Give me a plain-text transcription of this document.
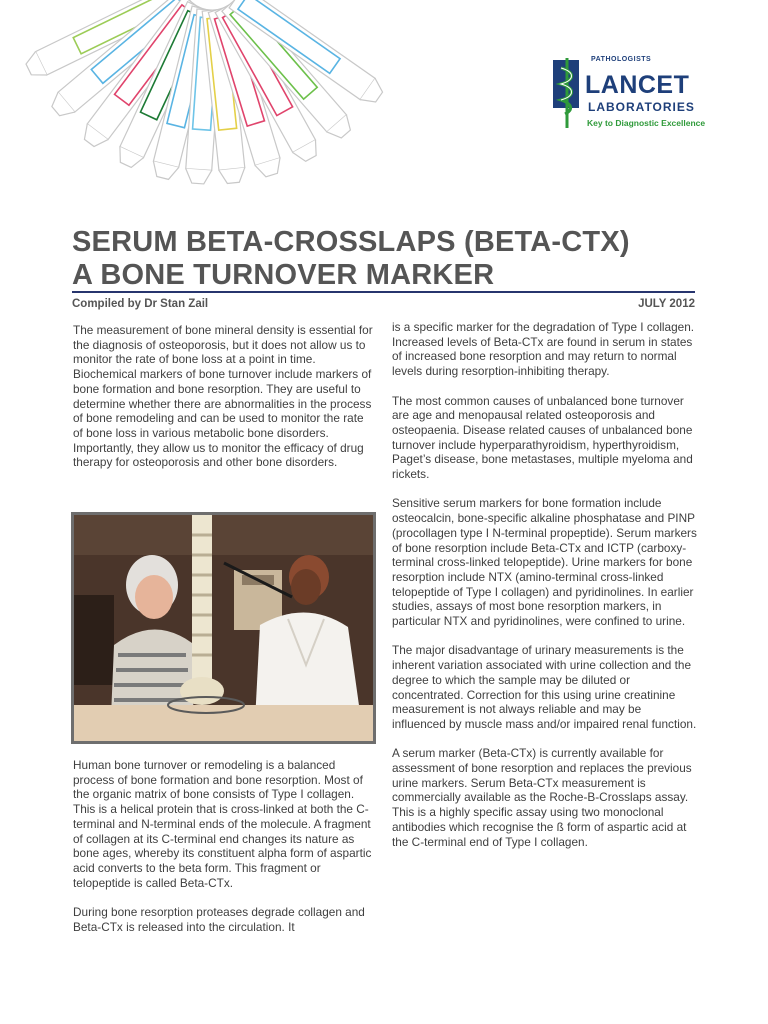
PATHOLOGISTS
LANCET
LABORATORIES
Key to Diagnostic Excellence
SERUM BETA-CROSSLAPS (BETA-CTX)
A BONE TURNOVER MARKER
Compiled by Dr Stan Zail	JULY 2012

The measurement of bone mineral density is essential for the diagnosis of osteoporosis, but it does not allow us to monitor the rate of bone loss at a point in time. Biochemical markers of bone turnover include markers of bone formation and bone resorption. They are useful to determine whether there are abnormalities in the process of bone remodeling and can be used to monitor the rate of bone loss in various metabolic bone disorders. Importantly, they allow us to monitor the efficacy of drug therapy for osteoporosis and other bone disorders.

Human bone turnover or remodeling is a balanced process of bone formation and bone resorption. Most of the organic matrix of bone consists of Type I collagen. This is a helical protein that is cross-linked at both the C-terminal and N-terminal ends of the molecule. A fragment of collagen at its C-terminal end changes its nature as bone ages, whereby its constituent alpha form of aspartic acid converts to the beta form. This fragment or telopeptide is called Beta-CTx.

During bone resorption proteases degrade collagen and Beta-CTx is released into the circulation. It

is a specific marker for the degradation of Type I collagen. Increased levels of Beta-CTx are found in serum in states of increased bone resorption and may return to normal levels during resorption-inhibiting therapy.

The most common causes of unbalanced bone turnover are age and menopausal related osteoporosis and osteopaenia. Disease related causes of unbalanced bone turnover include hyperparathyroidism, hyperthyroidism, Paget’s disease, bone metastases, multiple myeloma and rickets.

Sensitive serum markers for bone formation include osteocalcin, bone-specific alkaline phosphatase and PINP (procollagen type I N-terminal propeptide). Serum markers of bone resorption include Beta-CTx and ICTP (carboxy-terminal cross-linked telopeptide). Urine markers for bone resorption include NTX (amino-terminal cross-linked telopeptide of Type I collagen) and pyridinolines. In earlier studies, assays of most bone resorption markers, in particular NTX and pyridinolines, were confined to urine.

The major disadvantage of urinary measurements is the inherent variation associated with urine collection and the degree to which the sample may be diluted or concentrated. Correction for this using urine creatinine measurement is not always reliable and may be influenced by muscle mass and/or impaired renal function.

A serum marker (Beta-CTx) is currently available for assessment of bone resorption and replaces the previous urine markers. Serum Beta-CTx measurement is commercially available as the Roche-B-Crosslaps assay. This is a highly specific assay using two monoclonal antibodies which recognise the ß form of aspartic acid at the C-terminal end of Type I collagen.
